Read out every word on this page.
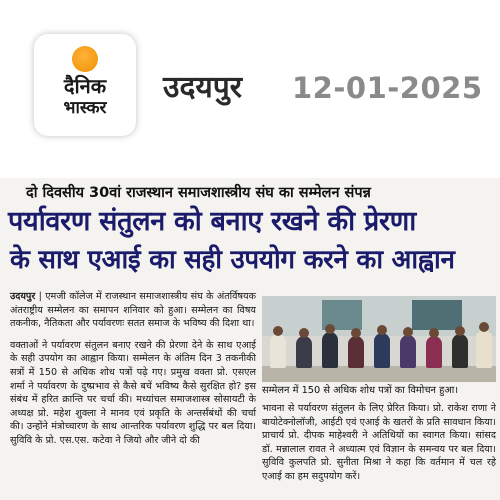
दैनिक
भास्कर
उदयपुर 12-01-2025
दो दिवसीय 30वां राजस्थान समाजशास्त्रीय संघ का सम्मेलन संपन्न
पर्यावरण संतुलन को बनाए रखने की प्रेरणा
के साथ एआई का सही उपयोग करने का आह्वान

उदयपुर | एमजी कॉलेज में राजस्थान समाजशास्त्रीय संघ के अंतर्विषयक अंतराष्ट्रीय सम्मेलन का समापन शनिवार को हुआ। सम्मेलन का विषय तकनीक, नैतिकता और पर्यावरणः सतत समाज के भविष्य की दिशा था।

वक्ताओं ने पर्यावरण संतुलन बनाए रखने की प्रेरणा देने के साथ एआई के सही उपयोग का आह्वान किया। सम्मेलन के अंतिम दिन 3 तकनीकी सत्रों में 150 से अधिक शोध पत्रों पढ़े गए। प्रमुख वक्ता प्रो. एसएल शर्मा ने पर्यावरण के दुष्प्रभाव से कैसे बचें भविष्य कैसे सुरक्षित हो? इस संबंध में हरित क्रान्ति पर चर्चा की। मध्यांचल समाजशास्त्र सोसायटी के अध्यक्ष प्रो. महेश शुक्ला ने मानव एवं प्रकृति के अन्तर्संबंधों की चर्चा की। उन्होंने मंत्रोच्चारण के साथ आन्तरिक पर्यावरण शुद्धि पर बल दिया। सुविवि के प्रो. एस.एस. कटेवा ने जियो और जीने दो की

सम्मेलन में 150 से अधिक शोध पत्रों का विमोचन हुआ।
भावना से पर्यावरण संतुलन के लिए प्रेरित किया। प्रो. राकेश राणा ने बायोटेक्नोलॉजी, आईटी एवं एआई के खतरों के प्रति सावधान किया। प्राचार्य प्रो. दीपक माहेश्वरी ने अतिथियों का स्वागत किया। सांसद डॉ. मन्नालाल रावत ने अध्यात्म एवं विज्ञान के समन्वय पर बल दिया। सुविवि कुलपति प्रो. सुनीता मिश्रा ने कहा कि वर्तमान में चल रहे एआई का हम सदुपयोग करें।
